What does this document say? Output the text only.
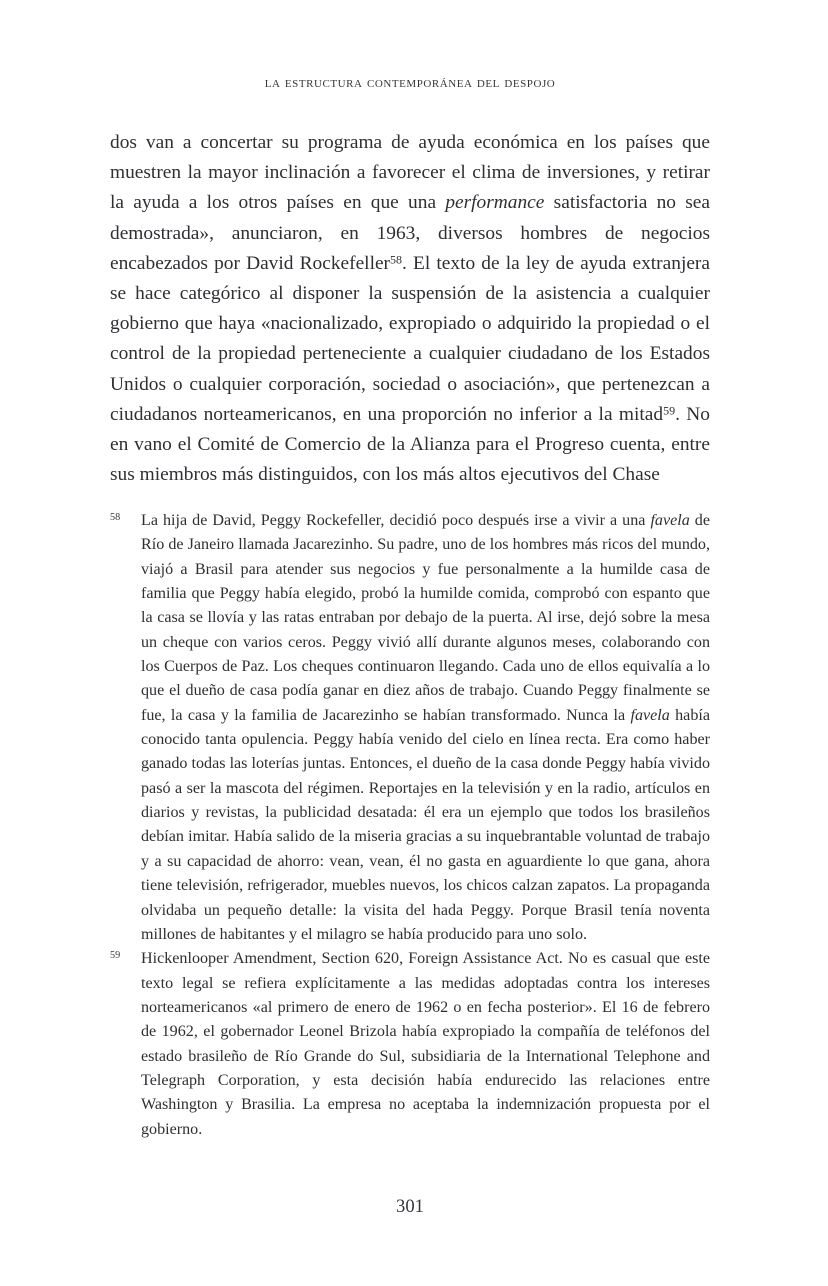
la estructura contemporánea del despojo

dos van a concertar su programa de ayuda económica en los países que muestren la mayor inclinación a favorecer el clima de inversiones, y retirar la ayuda a los otros países en que una performance satisfactoria no sea demostrada», anunciaron, en 1963, diversos hombres de negocios encabezados por David Rockefeller$^{58}$. El texto de la ley de ayuda extranjera se hace categórico al disponer la suspensión de la asistencia a cualquier gobierno que haya «nacionalizado, expropiado o adquirido la propiedad o el control de la propiedad perteneciente a cualquier ciudadano de los Estados Unidos o cualquier corporación, sociedad o asociación», que pertenezcan a ciudadanos norteamericanos, en una proporción no inferior a la mitad$^{59}$. No en vano el Comité de Comercio de la Alianza para el Progreso cuenta, entre sus miembros más distinguidos, con los más altos ejecutivos del Chase

58 La hija de David, Peggy Rockefeller, decidió poco después irse a vivir a una favela de Río de Janeiro llamada Jacarezinho. Su padre, uno de los hombres más ricos del mundo, viajó a Brasil para atender sus negocios y fue personalmente a la humilde casa de familia que Peggy había elegido, probó la humilde comida, comprobó con espanto que la casa se llovía y las ratas entraban por debajo de la puerta. Al irse, dejó sobre la mesa un cheque con varios ceros. Peggy vivió allí durante algunos meses, colaborando con los Cuerpos de Paz. Los cheques continuaron llegando. Cada uno de ellos equivalía a lo que el dueño de casa podía ganar en diez años de trabajo. Cuando Peggy finalmente se fue, la casa y la familia de Jacarezinho se habían transformado. Nunca la favela había conocido tanta opulencia. Peggy había venido del cielo en línea recta. Era como haber ganado todas las loterías juntas. Entonces, el dueño de la casa donde Peggy había vivido pasó a ser la mascota del régimen. Reportajes en la televisión y en la radio, artículos en diarios y revistas, la publicidad desatada: él era un ejemplo que todos los brasileños debían imitar. Había salido de la miseria gracias a su inquebrantable voluntad de trabajo y a su capacidad de ahorro: vean, vean, él no gasta en aguardiente lo que gana, ahora tiene televisión, refrigerador, muebles nuevos, los chicos calzan zapatos. La propaganda olvidaba un pequeño detalle: la visita del hada Peggy. Porque Brasil tenía noventa millones de habitantes y el milagro se había producido para uno solo.

59 Hickenlooper Amendment, Section 620, Foreign Assistance Act. No es casual que este texto legal se refiera explícitamente a las medidas adoptadas contra los intereses norteamericanos «al primero de enero de 1962 o en fecha posterior». El 16 de febrero de 1962, el gobernador Leonel Brizola había expropiado la compañía de teléfonos del estado brasileño de Río Grande do Sul, subsidiaria de la International Telephone and Telegraph Corporation, y esta decisión había endurecido las relaciones entre Washington y Brasilia. La empresa no aceptaba la indemnización propuesta por el gobierno.

301
